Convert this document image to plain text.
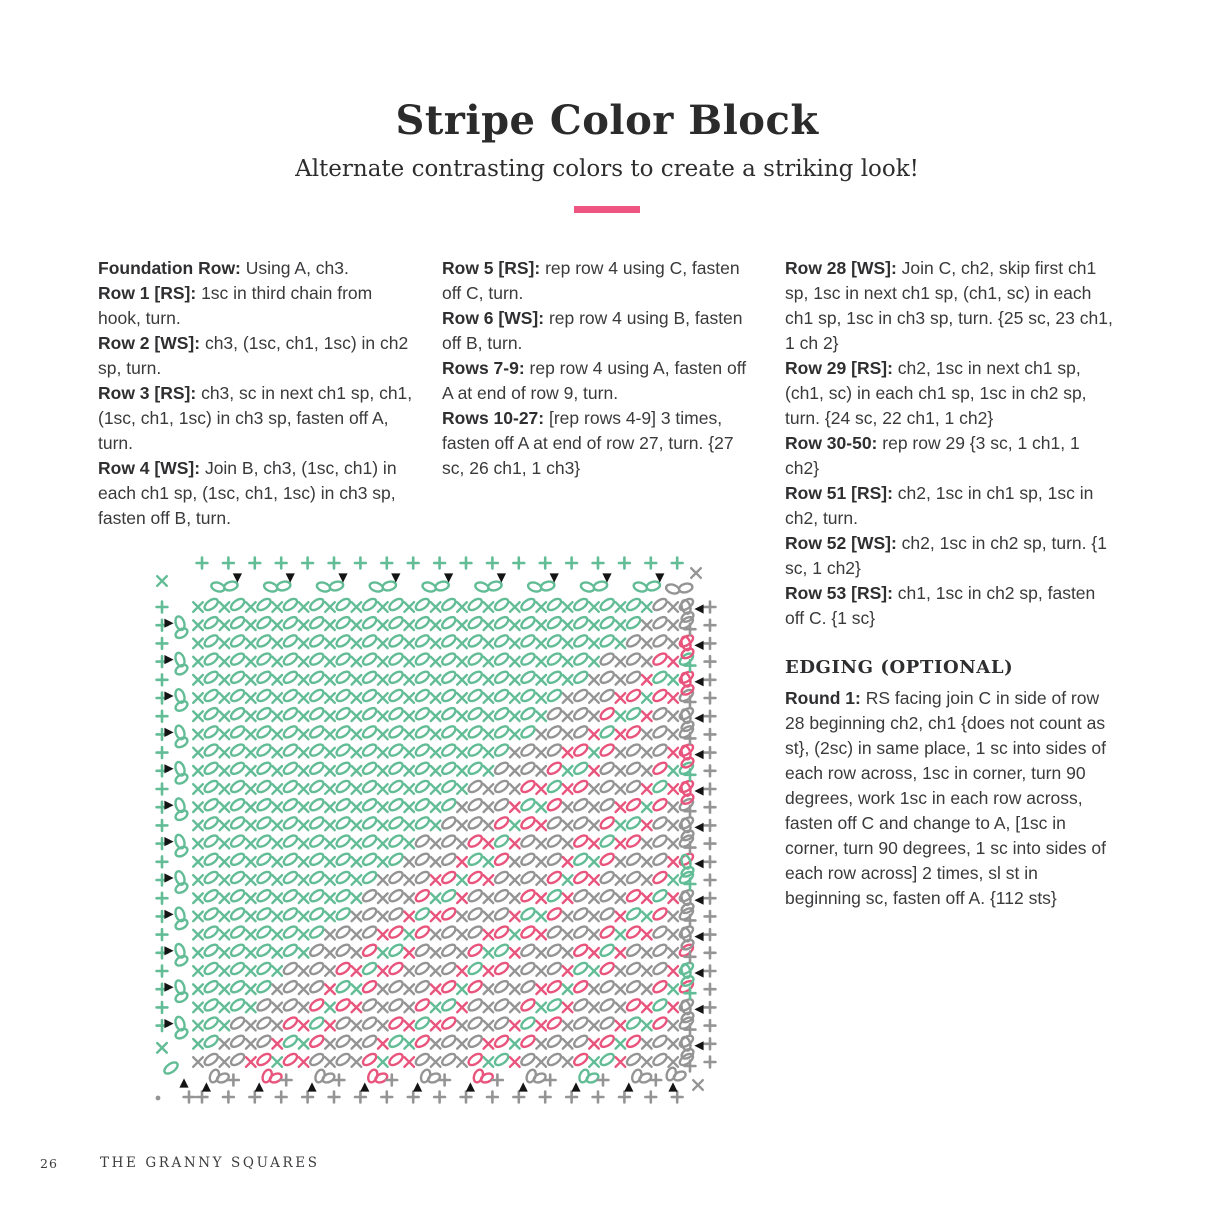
Stripe Color Block

Alternate contrasting colors to create a striking look!

Foundation Row: Using A, ch3.

Row 1 [RS]: 1sc in third chain from hook, turn.

Row 2 [WS]: ch3, (1sc, ch1, 1sc) in ch2 sp, turn.

Row 3 [RS]: ch3, sc in next ch1 sp, ch1, (1sc, ch1, 1sc) in ch3 sp, fasten off A, turn.

Row 4 [WS]: Join B, ch3, (1sc, ch1) in each ch1 sp, (1sc, ch1, 1sc) in ch3 sp, fasten off B, turn.

Row 5 [RS]: rep row 4 using C, fasten off C, turn.

Row 6 [WS]: rep row 4 using B, fasten off B, turn.

Rows 7-9: rep row 4 using A, fasten off A at end of row 9, turn.

Rows 10-27: [rep rows 4-9] 3 times, fasten off A at end of row 27, turn. {27 sc, 26 ch1, 1 ch3}

Row 28 [WS]: Join C, ch2, skip first ch1 sp, 1sc in next ch1 sp, (ch1, sc) in each ch1 sp, 1sc in ch3 sp, turn. {25 sc, 23 ch1, 1 ch 2}

Row 29 [RS]: ch2, 1sc in next ch1 sp, (ch1, sc) in each ch1 sp, 1sc in ch2 sp, turn. {24 sc, 22 ch1, 1 ch2}

Row 30-50: rep row 29 {3 sc, 1 ch1, 1 ch2}

Row 51 [RS]: ch2, 1sc in ch1 sp, 1sc in ch2, turn.

Row 52 [WS]: ch2, 1sc in ch2 sp, turn. {1 sc, 1 ch2}

Row 53 [RS]: ch1, 1sc in ch2 sp, fasten off C. {1 sc}

EDGING (OPTIONAL)

Round 1: RS facing join C in side of row 28 beginning ch2, ch1 {does not count as st}, (2sc) in same place, 1 sc into sides of each row across, 1sc in corner, turn 90 degrees, work 1sc in each row across, fasten off C and change to A, [1sc in corner, turn 90 degrees, 1 sc into sides of each row across] 2 times, sl st in beginning sc, fasten off A. {112 sts}

26	THE GRANNY SQUARES
